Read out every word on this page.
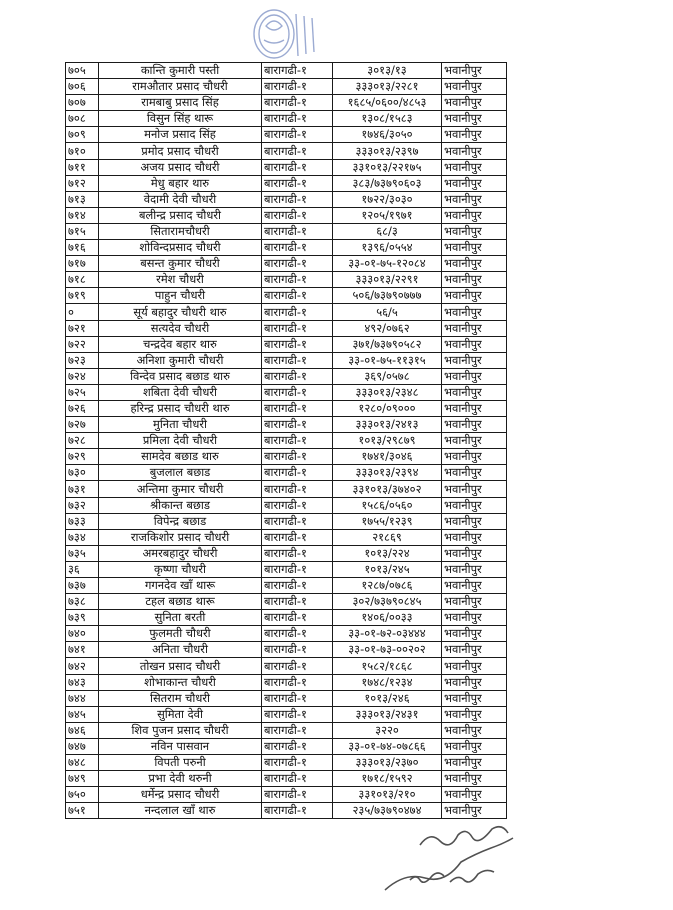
७०५	कान्ति कुमारी पस्ती	बारागढी-१	३०१३/१३	भवानीपुर
७०६	रामऔतार प्रसाद चौधरी	बारागढी-१	३३३०१३/२२८१	भवानीपुर
७०७	रामबाबु प्रसाद सिंह	बारागढी-१	१६८५/०६००/४८५३	भवानीपुर
७०८	विसुन सिंह थारू	बारागढी-१	१३०८/१५८३	भवानीपुर
७०९	मनोज प्रसाद सिंह	बारागढी-१	१७४६/३०५०	भवानीपुर
७१०	प्रमोद प्रसाद चौधरी	बारागढी-१	३३३०१३/२३९७	भवानीपुर
७११	अजय प्रसाद चौधरी	बारागढी-१	३३१०१३/२२१७५	भवानीपुर
७१२	मेधु बहार थारु	बारागढी-१	३८३/७३७९०६०३	भवानीपुर
७१३	वेदामी देवी चौधरी	बारागढी-१	१७२२/३०३०	भवानीपुर
७१४	बलीन्द्र प्रसाद चौधरी	बारागढी-१	१२०५/१९७१	भवानीपुर
७१५	सितारामचौधरी	बारागढी-१	६८/३	भवानीपुर
७१६	शोविन्दप्रसाद चौधरी	बारागढी-१	१३९६/०५५४	भवानीपुर
७१७	बसन्त कुमार चौधरी	बारागढी-१	३३-०१-७५-१२०८४	भवानीपुर
७१८	रमेश चौधरी	बारागढी-१	३३३०१३/२२९१	भवानीपुर
७१९	पाहुन चौधरी	बारागढी-१	५०६/७३७९०७७७	भवानीपुर
०	सूर्य बहादुर चौधरी थारु	बारागढी-१	५६/५	भवानीपुर
७२१	सत्यदेव चौधरी	बारागढी-१	४९२/०७६२	भवानीपुर
७२२	चन्द्रदेव बहार थारु	बारागढी-१	३७१/७३७९०५८२	भवानीपुर
७२३	अनिशा कुमारी चौधरी	बारागढी-१	३३-०१-७५-११३१५	भवानीपुर
७२४	विन्देव प्रसाद बछाड थारु	बारागढी-१	३६९/०५७८	भवानीपुर
७२५	शबिता देवी चौधरी	बारागढी-१	३३३०१३/२३४८	भवानीपुर
७२६	हरिन्द्र प्रसाद चौधरी थारु	बारागढी-१	१२८०/०९०००	भवानीपुर
७२७	मुनिता चौधरी	बारागढी-१	३३३०१३/२४१३	भवानीपुर
७२८	प्रमिला देवी चौधरी	बारागढी-१	१०१३/२९८७९	भवानीपुर
७२९	सामदेव बछाड थारु	बारागढी-१	१७४१/३०४६	भवानीपुर
७३०	बुजलाल बछाड	बारागढी-१	३३३०१३/२३९४	भवानीपुर
७३१	अन्तिमा कुमार चौधरी	बारागढी-१	३३१०१३/३७४०२	भवानीपुर
७३२	श्रीकान्त बछाड	बारागढी-१	१५८६/०५६०	भवानीपुर
७३३	विपेन्द्र बछाड	बारागढी-१	१७५५/१२३९	भवानीपुर
७३४	राजकिशोर प्रसाद चौधरी	बारागढी-१	२१८६९	भवानीपुर
७३५	अमरबहादुर चौधरी	बारागढी-१	१०१३/२२४	भवानीपुर
३६	कृष्णा चौधरी	बारागढी-१	१०१३/२४५	भवानीपुर
७३७	गगनदेव खाँ थारू	बारागढी-१	१२८७/०७८६	भवानीपुर
७३८	टहल बछाड थारू	बारागढी-१	३०२/७३७९०८४५	भवानीपुर
७३९	सुनिता बरती	बारागढी-१	१४०६/००३३	भवानीपुर
७४०	फुलमती चौधरी	बारागढी-१	३३-०१-७२-०३४४४	भवानीपुर
७४१	अनिता चौधरी	बारागढी-१	३३-०१-७३-००२०२	भवानीपुर
७४२	तोखन प्रसाद चौधरी	बारागढी-१	१५८२/१८६८	भवानीपुर
७४३	शोभाकान्त चौधरी	बारागढी-१	१७४८/१२३४	भवानीपुर
७४४	सितराम चौधरी	बारागढी-१	१०१३/२४६	भवानीपुर
७४५	सुमिता देवी	बारागढी-१	३३३०१३/२४३१	भवानीपुर
७४६	शिव पुजन प्रसाद चौधरी	बारागढी-१	३२२०	भवानीपुर
७४७	नविन पासवान	बारागढी-१	३३-०१-७४-०७८६६	भवानीपुर
७४८	विपती परुनी	बारागढी-१	३३३०१३/२३७०	भवानीपुर
७४९	प्रभा देवी थरुनी	बारागढी-१	१७१८/१५९२	भवानीपुर
७५०	धर्मेन्द्र प्रसाद चौधरी	बारागढी-१	३३१०१३/२१०	भवानीपुर
७५१	नन्दलाल खाँ थारु	बारागढी-१	२३५/७३७९०४७४	भवानीपुर
